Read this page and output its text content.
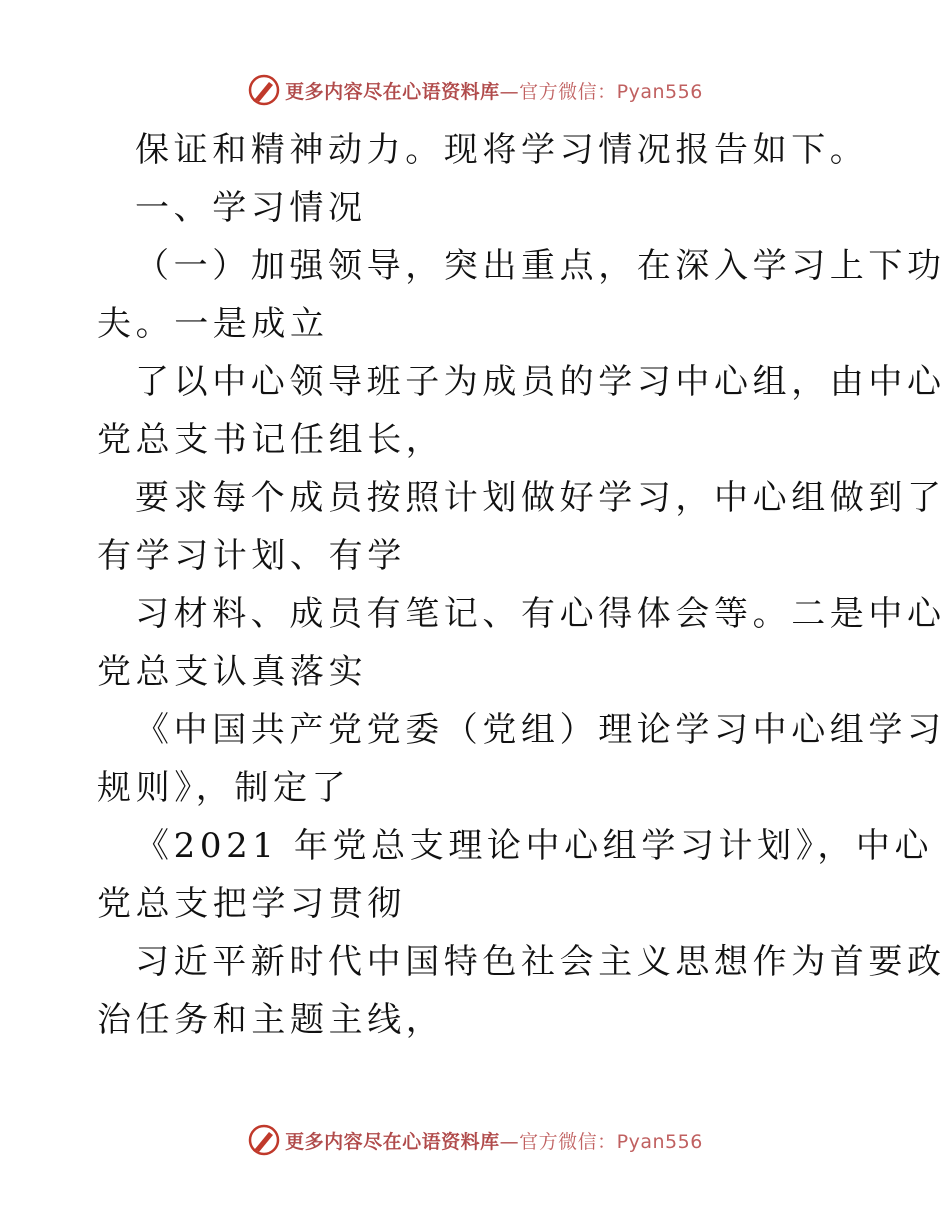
更多内容尽在心语资料库—官方微信：Pyan556
保证和精神动力。现将学习情况报告如下。
一、学习情况
（一）加强领导，突出重点，在深入学习上下功
夫。一是成立
了以中心领导班子为成员的学习中心组，由中心
党总支书记任组长，
要求每个成员按照计划做好学习，中心组做到了
有学习计划、有学
习材料、成员有笔记、有心得体会等。二是中心
党总支认真落实
《中国共产党党委（党组）理论学习中心组学习
规则》，制定了
《2021 年党总支理论中心组学习计划》，中心
党总支把学习贯彻
习近平新时代中国特色社会主义思想作为首要政
治任务和主题主线，
更多内容尽在心语资料库—官方微信：Pyan556
